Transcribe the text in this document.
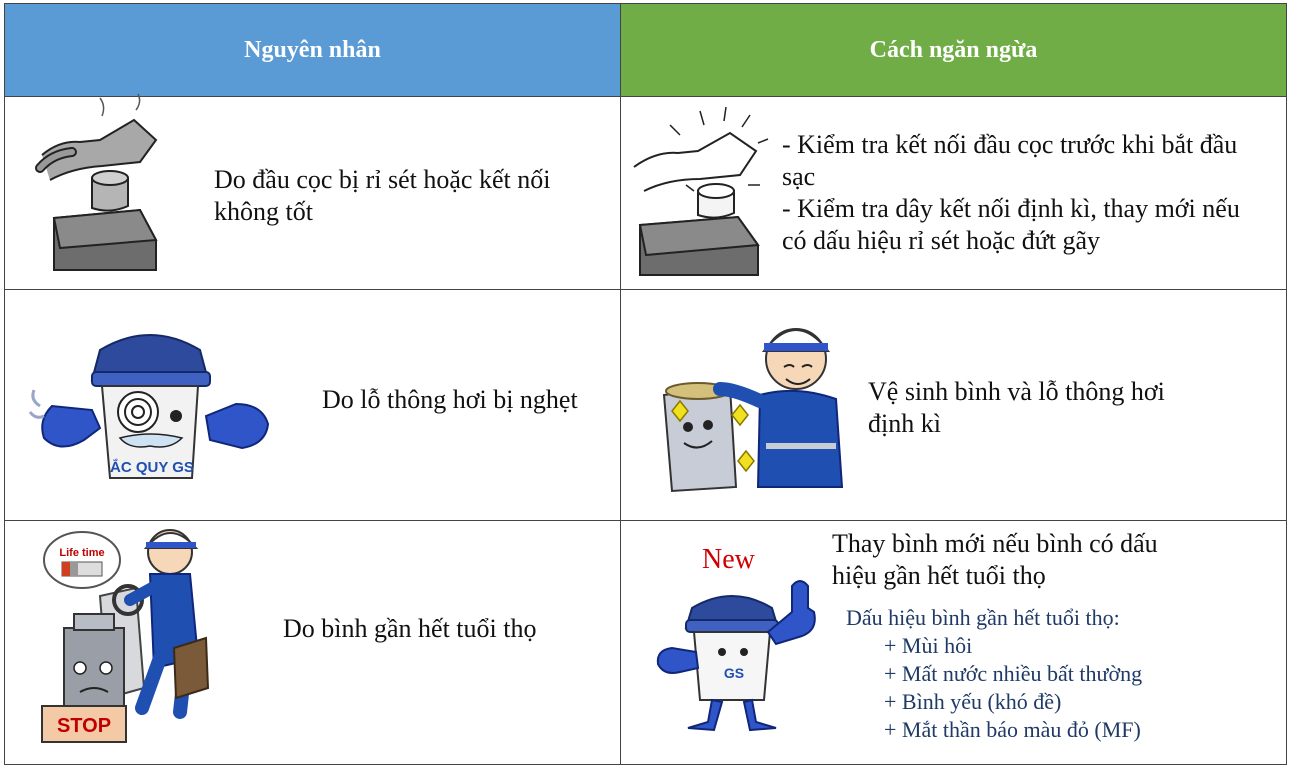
Nguyên nhân	Cách ngăn ngừa
Do đầu cọc bị rỉ sét hoặc kết nối không tốt
- Kiểm tra kết nối đầu cọc trước khi bắt đầu sạc
- Kiểm tra dây kết nối định kì, thay mới nếu có dấu hiệu rỉ sét hoặc đứt gãy
ẮC QUY GS
Do lỗ thông hơi bị nghẹt	Vệ sinh bình và lỗ thông hơi định kì
Life time
STOP
Do bình gần hết tuổi thọ
New
GS
Thay bình mới nếu bình có dấu hiệu gần hết tuổi thọ
Dấu hiệu bình gần hết tuổi thọ:
+ Mùi hôi
+ Mất nước nhiều bất thường
+ Bình yếu (khó đề)
+ Mắt thần báo màu đỏ (MF)
